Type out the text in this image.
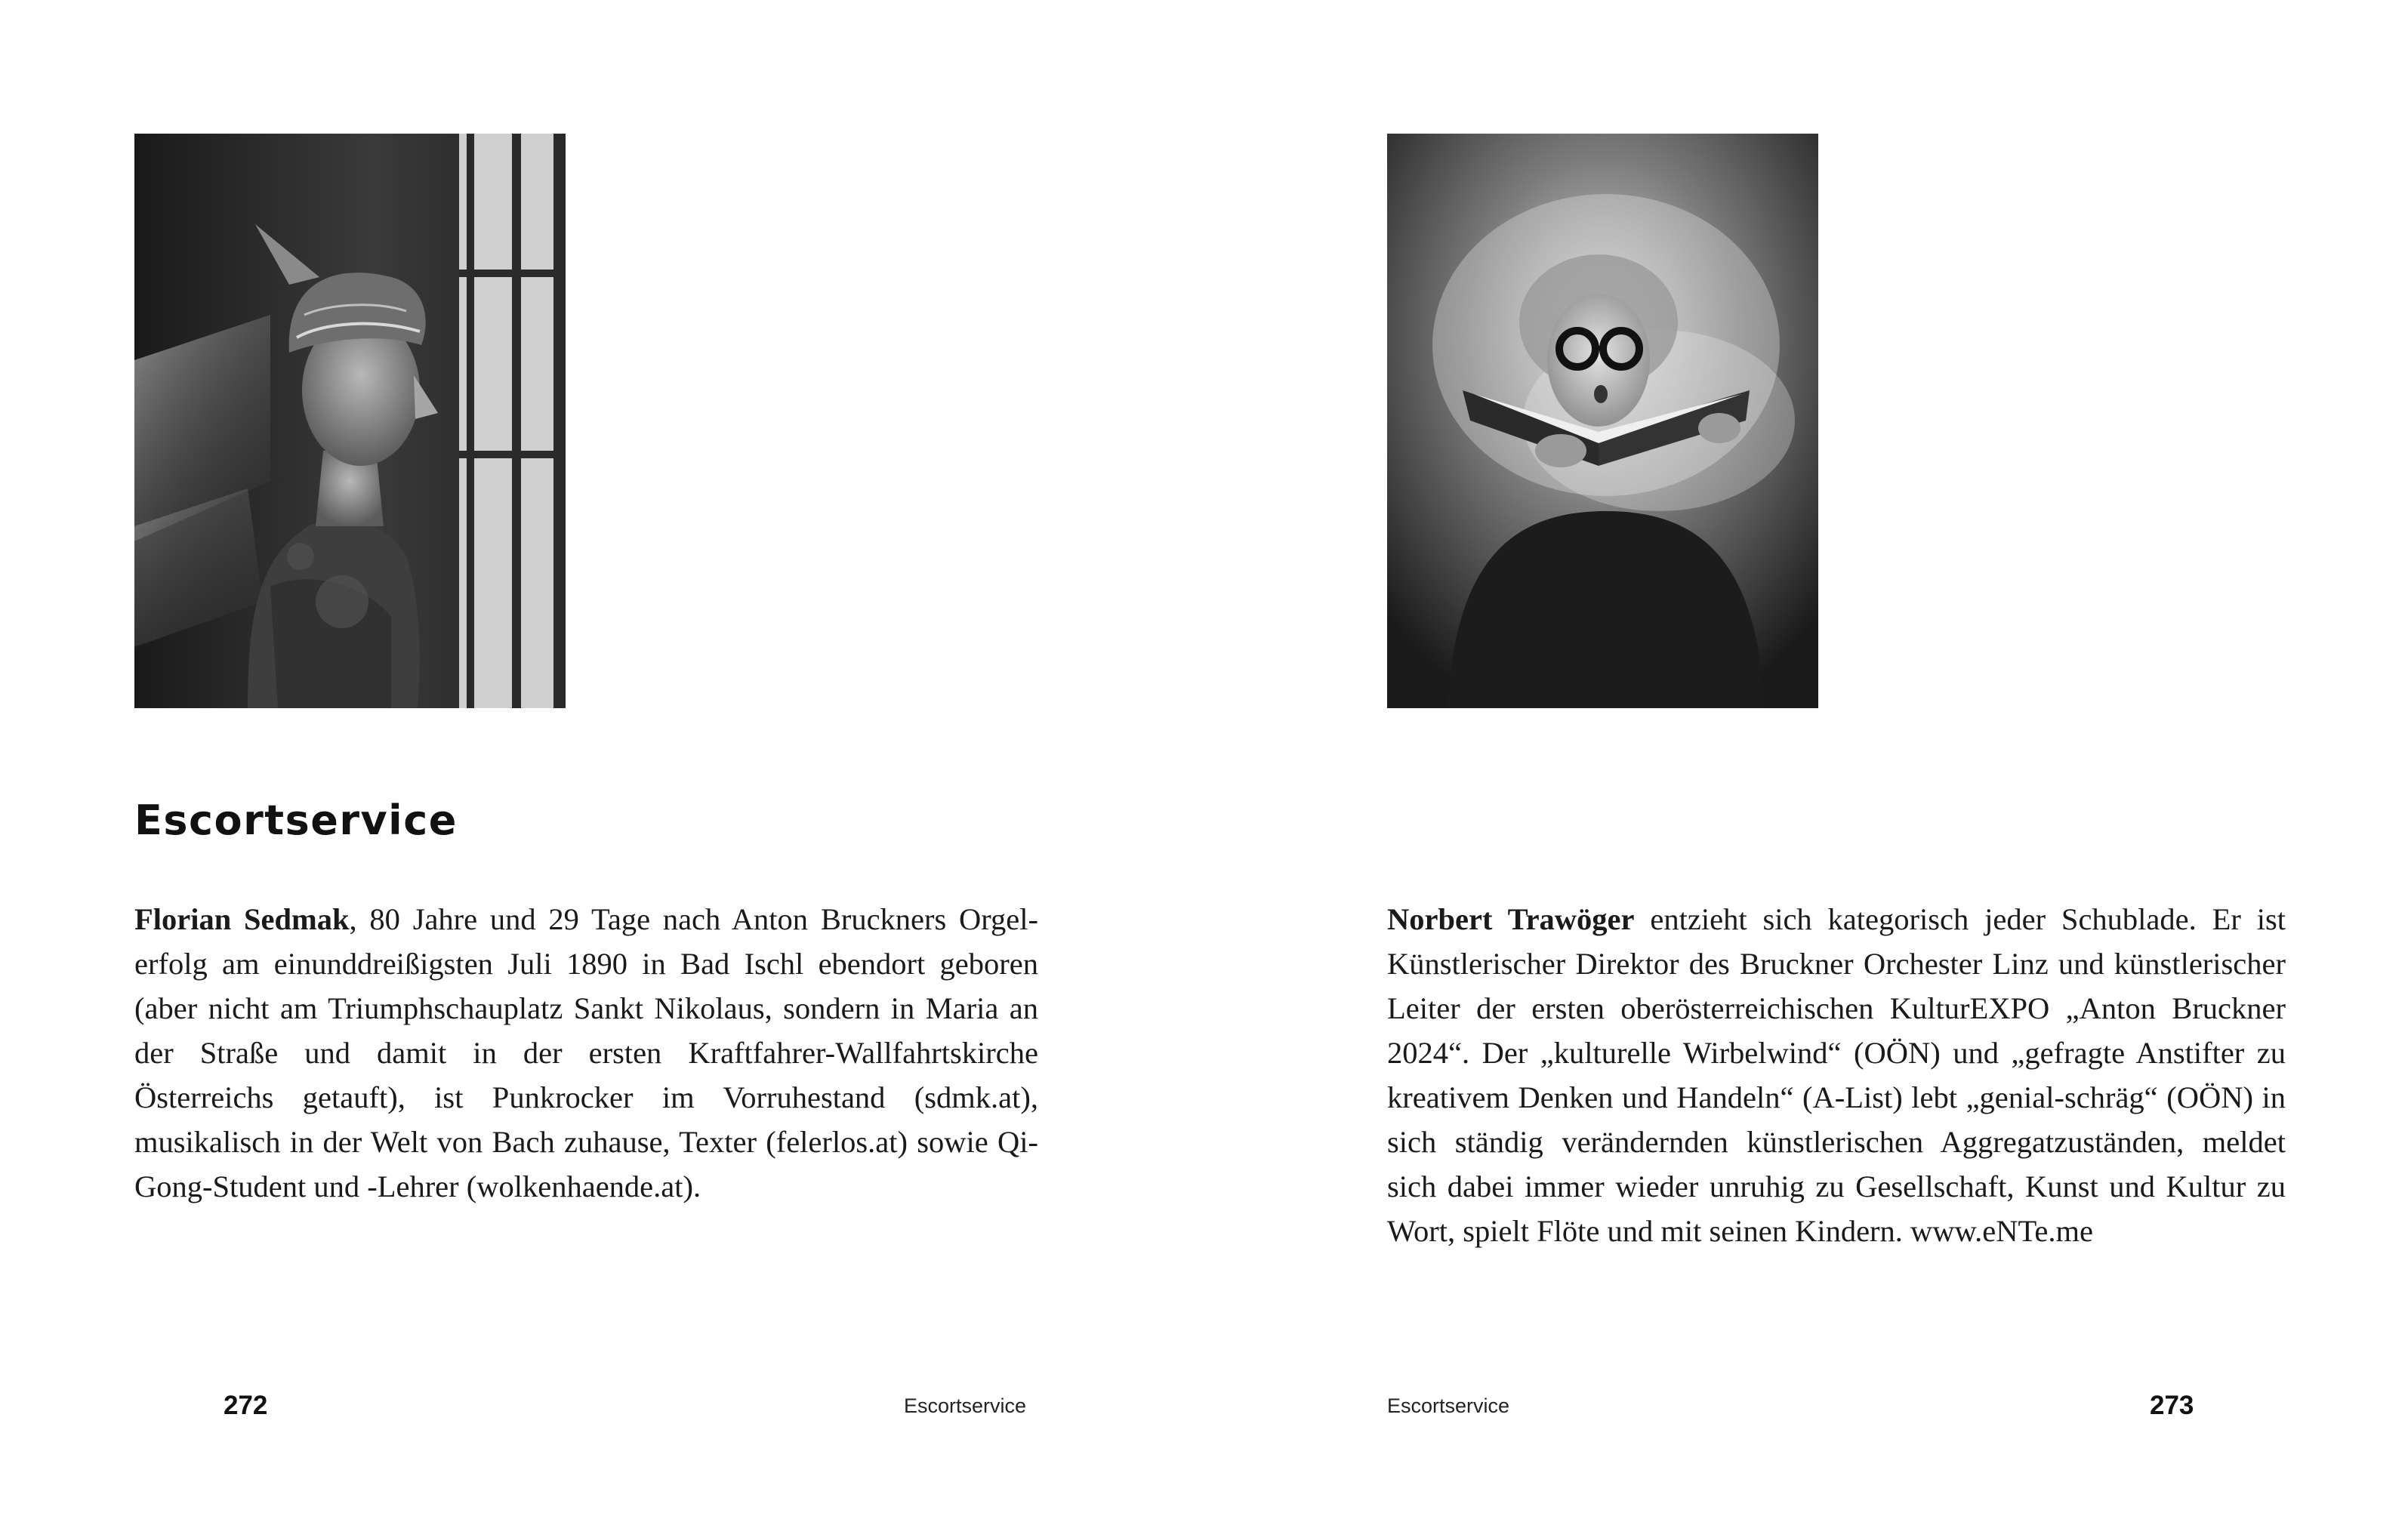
Escortservice

Florian Sedmak, 80 Jahre und 29 Tage nach Anton Bruckners Orgel-erfolg am einunddreißigsten Juli 1890 in Bad Ischl ebendort geboren (aber nicht am Triumphschauplatz Sankt Nikolaus, sondern in Maria an der Straße und damit in der ersten Kraftfahrer-Wallfahrtskirche Österreichs getauft), ist Punkrocker im Vorruhestand (sdmk.at), musikalisch in der Welt von Bach zuhause, Texter (felerlos.at) sowie Qi-Gong-Student und -Lehrer (wolkenhaende.at).

272	Escortservice

Norbert Trawöger entzieht sich kategorisch jeder Schublade. Er ist Künstlerischer Direktor des Bruckner Orchester Linz und künstlerischer Leiter der ersten oberösterreichischen KulturEXPO „Anton Bruckner 2024“. Der „kulturelle Wirbelwind“ (OÖN) und „gefragte Anstifter zu kreativem Denken und Handeln“ (A-List) lebt „genial-schräg“ (OÖN) in sich ständig verändernden künstlerischen Aggregatzuständen, meldet sich dabei immer wieder unruhig zu Gesellschaft, Kunst und Kultur zu Wort, spielt Flöte und mit seinen Kindern. www.eNTe.me

Escortservice	273
